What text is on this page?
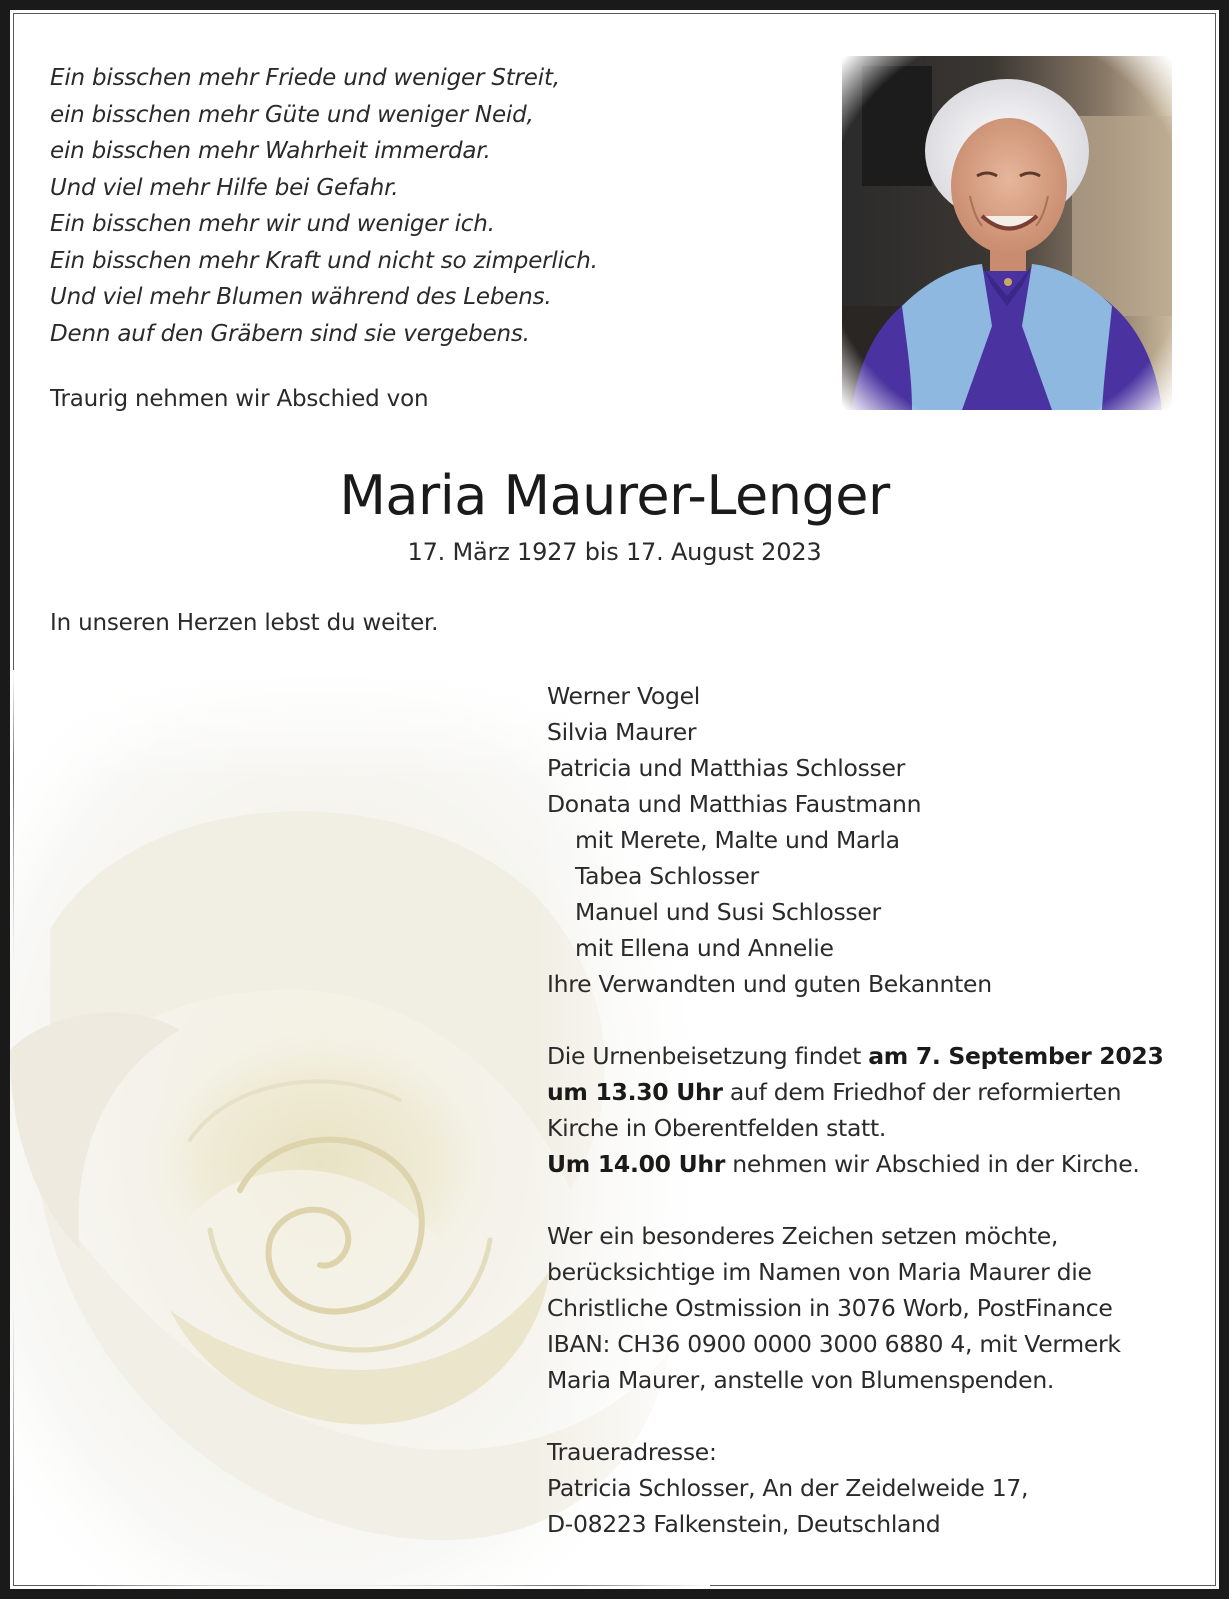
Ein bisschen mehr Friede und weniger Streit,
ein bisschen mehr Güte und weniger Neid,
ein bisschen mehr Wahrheit immerdar.
Und viel mehr Hilfe bei Gefahr.
Ein bisschen mehr wir und weniger ich.
Ein bisschen mehr Kraft und nicht so zimperlich.
Und viel mehr Blumen während des Lebens.
Denn auf den Gräbern sind sie vergebens.
Traurig nehmen wir Abschied von
Maria Maurer-Lenger
17. März 1927 bis 17. August 2023
In unseren Herzen lebst du weiter.
Werner Vogel
Silvia Maurer
Patricia und Matthias Schlosser
Donata und Matthias Faustmann
mit Merete, Malte und Marla
Tabea Schlosser
Manuel und Susi Schlosser
mit Ellena und Annelie
Ihre Verwandten und guten Bekannten
Die Urnenbeisetzung findet am 7. September 2023
um 13.30 Uhr auf dem Friedhof der reformierten
Kirche in Oberentfelden statt.
Um 14.00 Uhr nehmen wir Abschied in der Kirche.
Wer ein besonderes Zeichen setzen möchte,
berücksichtige im Namen von Maria Maurer die
Christliche Ostmission in 3076 Worb, PostFinance
IBAN: CH36 0900 0000 3000 6880 4, mit Vermerk
Maria Maurer, anstelle von Blumenspenden.
Traueradresse:
Patricia Schlosser, An der Zeidelweide 17,
D-08223 Falkenstein, Deutschland
